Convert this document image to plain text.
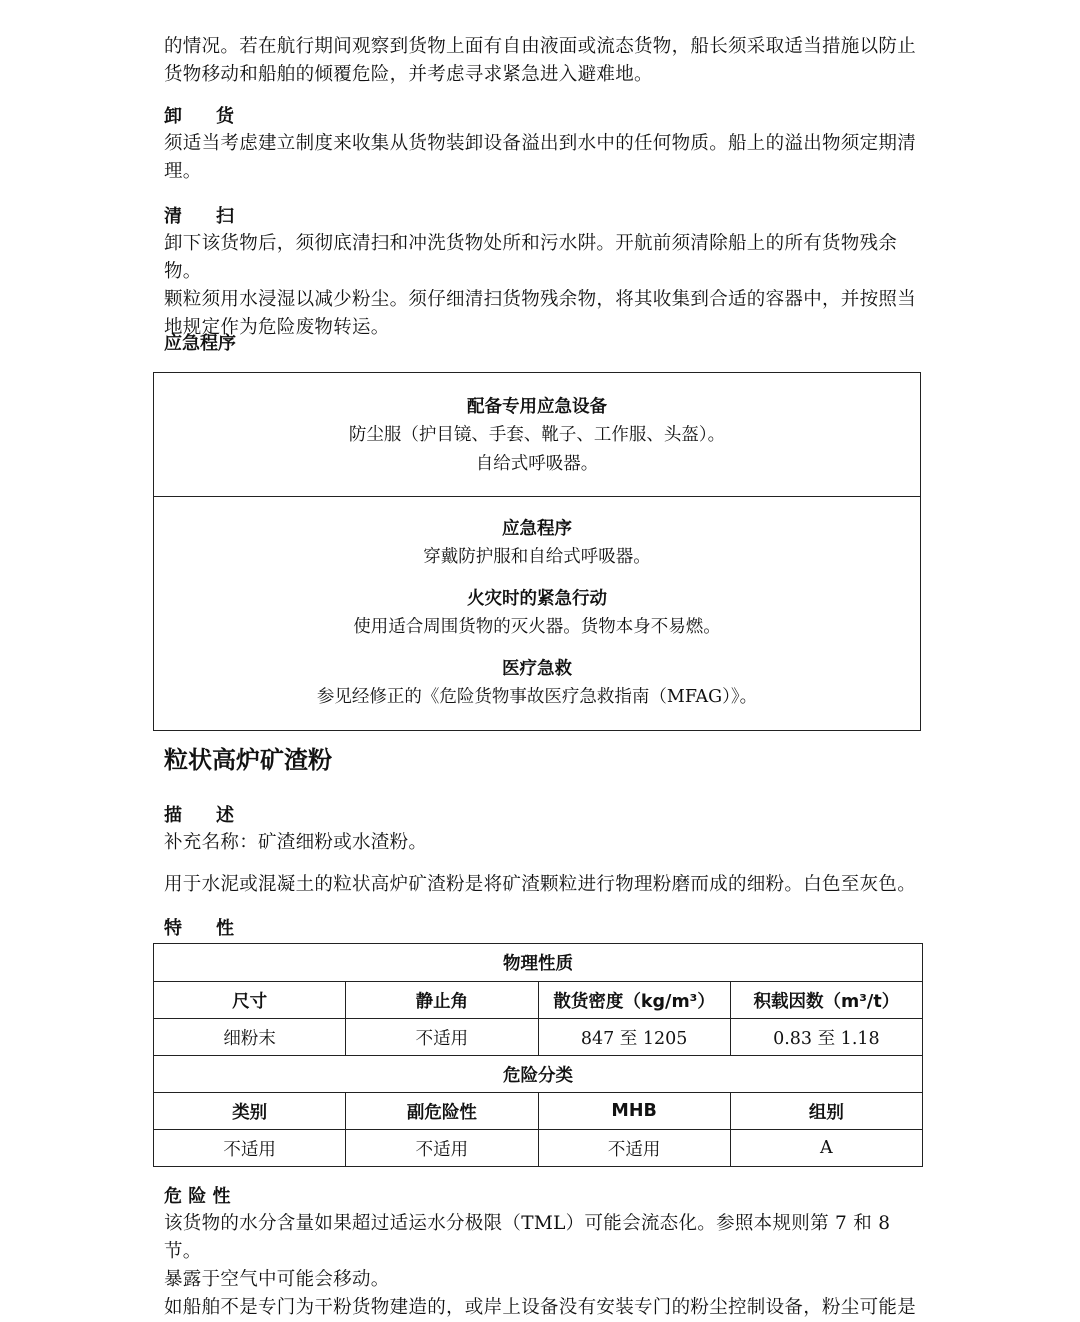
的情况。若在航行期间观察到货物上面有自由液面或流态货物，船长须采取适当措施以防止

货物移动和船舶的倾覆危险，并考虑寻求紧急进入避难地。

卸　货

须适当考虑建立制度来收集从货物装卸设备溢出到水中的任何物质。船上的溢出物须定期清

理。

清　扫

卸下该货物后，须彻底清扫和冲洗货物处所和污水阱。开航前须清除船上的所有货物残余物。

颗粒须用水浸湿以减少粉尘。须仔细清扫货物残余物，将其收集到合适的容器中，并按照当

地规定作为危险废物转运。

应急程序

配备专用应急设备
防尘服（护目镜、手套、靴子、工作服、头盔）。
自给式呼吸器。
应急程序
穿戴防护服和自给式呼吸器。
火灾时的紧急行动
使用适合周围货物的灭火器。货物本身不易燃。
医疗急救
参见经修正的《危险货物事故医疗急救指南（MFAG）》。
粒状高炉矿渣粉

描　述

补充名称：矿渣细粉或水渣粉。

用于水泥或混凝土的粒状高炉矿渣粉是将矿渣颗粒进行物理粉磨而成的细粉。白色至灰色。

特　性

物理性质			
尺寸	静止角	散货密度（kg/m³）	积载因数（m³/t）
细粉末	不适用	847 至 1205	0.83 至 1.18
危险分类			
类别	副危险性	MHB	组别
不适用	不适用	不适用	A

危 险 性

该货物的水分含量如果超过适运水分极限（TML）可能会流态化。参照本规则第 7 和 8 节。

暴露于空气中可能会移动。

如船舶不是专门为干粉货物建造的，或岸上设备没有安装专门的粉尘控制设备，粉尘可能是
